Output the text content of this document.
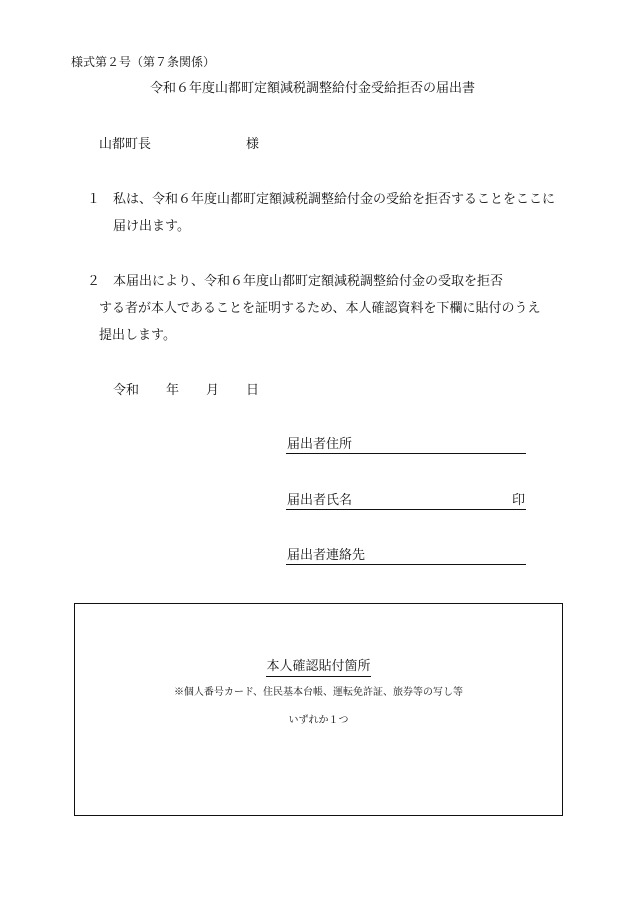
様式第２号（第７条関係）
令和６年度山都町定額減税調整給付金受給拒否の届出書
山都町長	様
１ 私は、令和６年度山都町定額減税調整給付金の受給を拒否することをここに
届け出ます。
２ 本届出により、令和６年度山都町定額減税調整給付金の受取を拒否
する者が本人であることを証明するため、本人確認資料を下欄に貼付のうえ
提出します。
令和 年 月 日
届出者住所
届出者氏名	印
届出者連絡先
本人確認貼付箇所
※個人番号カード、住民基本台帳、運転免許証、旅券等の写し等
いずれか１つ
